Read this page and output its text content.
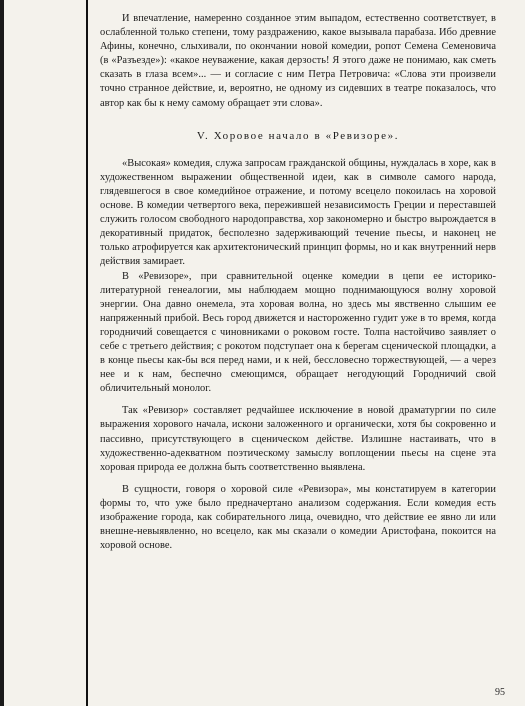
И впечатление, намеренно созданное этим выпадом, естественно соответствует, в ослабленной только степени, тому раздражению, какое вызывала парабаза. Ибо древние Афины, конечно, слыхивали, по окончании новой комедии, ропот Семена Семеновича (в «Разъезде»): «какое неуважение, какая дерзость! Я этого даже не понимаю, как сметь сказать в глаза всем»... — и согласие с ним Петра Петровича: «Слова эти произвели точно странное действие, и, вероятно, не одному из сидевших в театре показалось, что автор как бы к нему самому обращает эти слова».

V. Хоровое начало в «Ревизоре».

«Высокая» комедия, служа запросам гражданской общины, нуждалась в хоре, как в художественном выражении общественной идеи, как в символе самого народа, глядевшегося в свое комедийное отражение, и потому всецело покоилась на хоровой основе. В комедии четвертого века, пережившей независимость Греции и переставшей служить голосом свободного народоправства, хор закономерно и быстро вырождается в декоративный придаток, бесполезно задерживающий течение пьесы, и наконец не только атрофируется как архитектонический принцип формы, но и как внутренний нерв действия замирает.

В «Ревизоре», при сравнительной оценке комедии в цепи ее историко-литературной генеалогии, мы наблюдаем мощно поднимающуюся волну хоровой энергии. Она давно онемела, эта хоровая волна, но здесь мы явственно слышим ее напряженный прибой. Весь город движется и настороженно гудит уже в то время, когда городничий совещается с чиновниками о роковом госте. Толпа настойчиво заявляет о себе с третьего действия; с рокотом подступает она к берегам сценической площадки, а в конце пьесы как-бы вся перед нами, и к ней, бессловесно торжествующей, — а через нее и к нам, беспечно смеющимся, обращает негодующий Городничий свой обличительный монолог.

Так «Ревизор» составляет редчайшее исключение в новой драматургии по силе выражения хорового начала, искони заложенного и органически, хотя бы сокровенно и пассивно, присутствующего в сценическом действе. Излишне настаивать, что в художественно-адекватном поэтическому замыслу воплощении пьесы на сцене эта хоровая природа ее должна быть соответственно выявлена.

В сущности, говоря о хоровой силе «Ревизора», мы констатируем в категории формы то, что уже было предначертано анализом содержания. Если комедия есть изображение города, как собирательного лица, очевидно, что действие ее явно ли или внешне-невыявленно, но всецело, как мы сказали о комедии Аристофана, покоится на хоровой основе.

95
